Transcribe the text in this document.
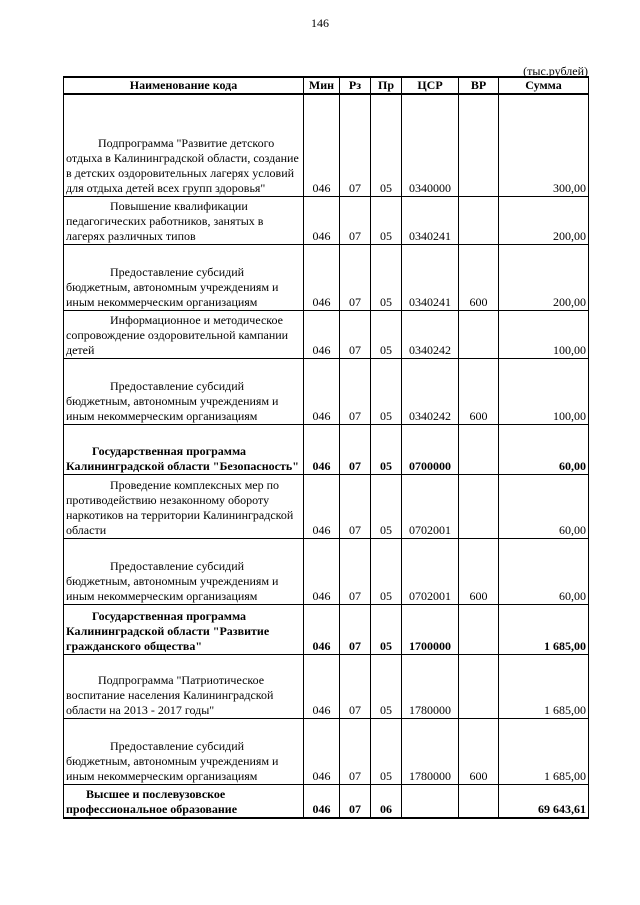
146
(тыс.рублей)
Наименование кода	Мин	Рз	Пр	ЦСР	ВР	Сумма
Подпрограмма "Развитие детского отдыха в Калининградской области, создание в детских оздоровительных лагерях условий для отдыха детей всех групп здоровья"	046	07	05	0340000		300,00
Повышение квалификации педагогических работников, занятых в лагерях различных типов	046	07	05	0340241		200,00
Предоставление субсидий бюджетным, автономным учреждениям и иным некоммерческим организациям	046	07	05	0340241	600	200,00
Информационное и методическое сопровождение оздоровительной кампании детей	046	07	05	0340242		100,00
Предоставление субсидий бюджетным, автономным учреждениям и иным некоммерческим организациям	046	07	05	0340242	600	100,00
Государственная программа Калининградской области "Безопасность"	046	07	05	0700000		60,00
Проведение комплексных мер по противодействию незаконному обороту наркотиков на территории Калининградской области	046	07	05	0702001		60,00
Предоставление субсидий бюджетным, автономным учреждениям и иным некоммерческим организациям	046	07	05	0702001	600	60,00
Государственная программа Калининградской области "Развитие гражданского общества"	046	07	05	1700000		1 685,00
Подпрограмма "Патриотическое воспитание населения Калининградской области на 2013 - 2017 годы"	046	07	05	1780000		1 685,00
Предоставление субсидий бюджетным, автономным учреждениям и иным некоммерческим организациям	046	07	05	1780000	600	1 685,00
Высшее и послевузовское профессиональное образование	046	07	06			69 643,61
